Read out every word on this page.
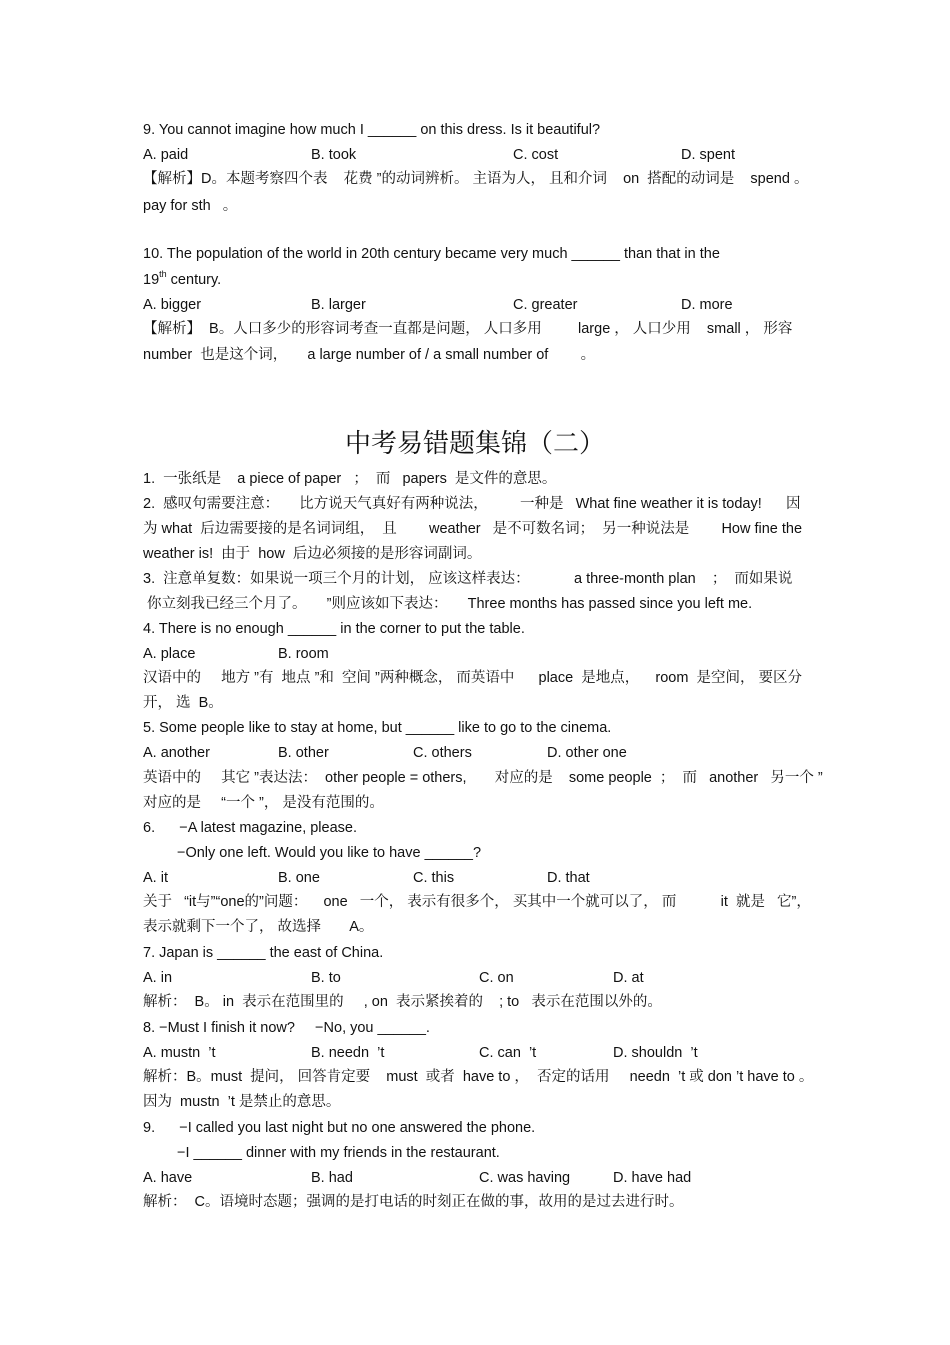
9. You cannot imagine how much I ______ on this dress. Is it beautiful?
A. paid	B. took	C. cost	D. spent
【解析】D。本题考察四个表    花费 ”的动词辨析。 主语为人， 且和介词    on  搭配的动词是    spend 。
pay for sth   。
10. The population of the world in 20th century became very much ______ than that in the
19th century.
A. bigger	B. larger	C. greater	D. more
【解析】  B。人口多少的形容词考查一直都是问题， 人口多用         large ， 人口少用    small ， 形容
number  也是这个词，     a large number of / a small number of        。
中考易错题集锦（二）
1.  一张纸是    a piece of paper   ；  而   papers  是文件的意思。
2.  感叹句需要注意：     比方说天气真好有两种说法，        一种是   What fine weather it is today!      因
为 what  后边需要接的是名词词组，  且        weather   是不可数名词；  另一种说法是        How fine the
weather is!  由于  how  后边必须接的是形容词副词。
3.  注意单复数：如果说一项三个月的计划， 应该这样表达：           a three-month plan    ；  而如果说
你立刻我已经三个月了。     ”则应该如下表达：     Three months has passed since you left me.
4. There is no enough ______ in the corner to put the table.
A. place	B. room
汉语中的     地方 ”有  地点 ”和  空间 ”两种概念， 而英语中      place  是地点，    room  是空间， 要区分
开， 选  B。
5. Some people like to stay at home, but ______ like to go to the cinema.
A. another	B. other	C. others	D. other one
英语中的     其它 ”表达法：  other people = others,       对应的是    some people  ；  而   another   另一个 ”
对应的是     “一个 ”， 是没有范围的。
6.      −A latest magazine, please.
−Only one left. Would you like to have ______?
A. it	B. one	C. this	D. that
关于   “it与”“one的”问题：    one   一个， 表示有很多个， 买其中一个就可以了， 而           it  就是   它”，
表示就剩下一个了， 故选择       A。
7. Japan is ______ the east of China.
A. in	B. to	C. on	D. at
解析：  B。 in  表示在范围里的     , on  表示紧挨着的    ; to   表示在范围以外的。
8. −Must I finish it now?     −No, you ______.
A. mustn  ’t	B. needn  ’t	C. can  ’t	D. shouldn  ’t
解析：B。must  提问， 回答肯定要    must  或者  have to ，  否定的话用     needn  ’t 或 don ’t have to 。
因为  mustn  ’t 是禁止的意思。
9.      −I called you last night but no one answered the phone.
−I ______ dinner with my friends in the restaurant.
A. have	B. had	C. was having	D. have had
解析：  C。语境时态题；强调的是打电话的时刻正在做的事，故用的是过去进行时。
